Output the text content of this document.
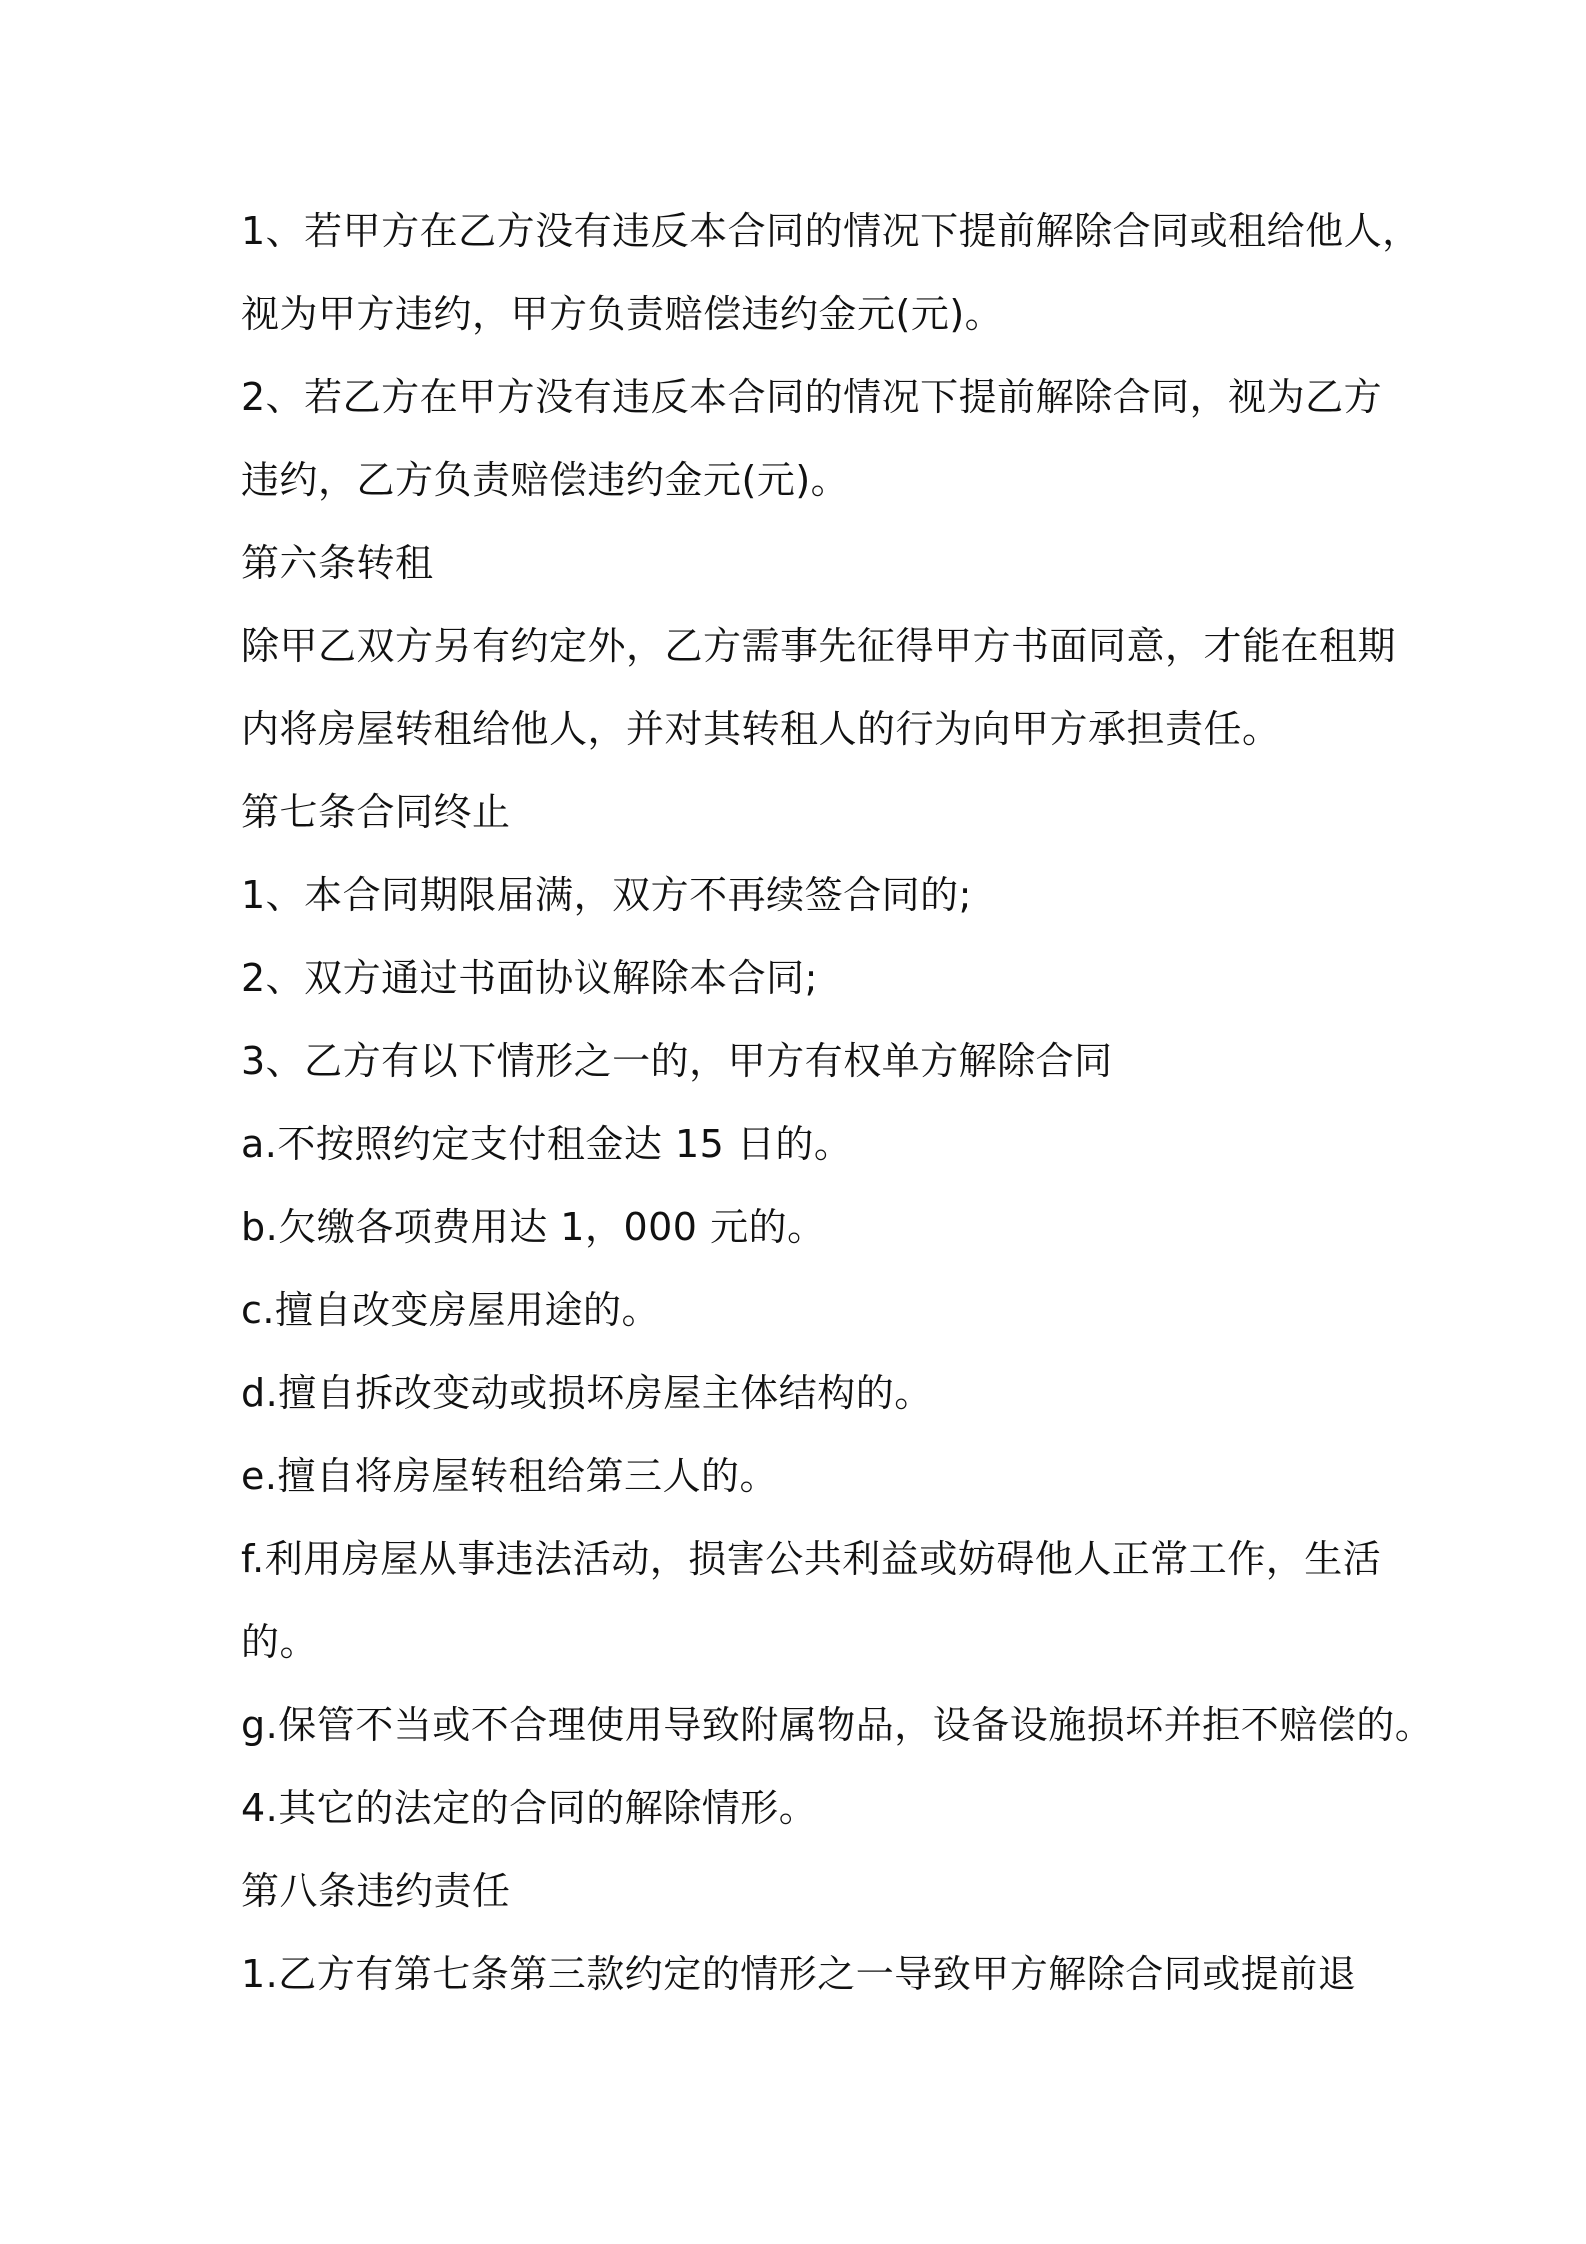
1、若甲方在乙方没有违反本合同的情况下提前解除合同或租给他人，
视为甲方违约，甲方负责赔偿违约金元(元)。
2、若乙方在甲方没有违反本合同的情况下提前解除合同，视为乙方
违约，乙方负责赔偿违约金元(元)。
第六条转租
除甲乙双方另有约定外，乙方需事先征得甲方书面同意，才能在租期
内将房屋转租给他人，并对其转租人的行为向甲方承担责任。
第七条合同终止
1、本合同期限届满，双方不再续签合同的;
2、双方通过书面协议解除本合同;
3、乙方有以下情形之一的，甲方有权单方解除合同
a.不按照约定支付租金达 15 日的。
b.欠缴各项费用达 1，000 元的。
c.擅自改变房屋用途的。
d.擅自拆改变动或损坏房屋主体结构的。
e.擅自将房屋转租给第三人的。
f.利用房屋从事违法活动，损害公共利益或妨碍他人正常工作，生活
的。
g.保管不当或不合理使用导致附属物品，设备设施损坏并拒不赔偿的。
4.其它的法定的合同的解除情形。
第八条违约责任
1.乙方有第七条第三款约定的情形之一导致甲方解除合同或提前退
